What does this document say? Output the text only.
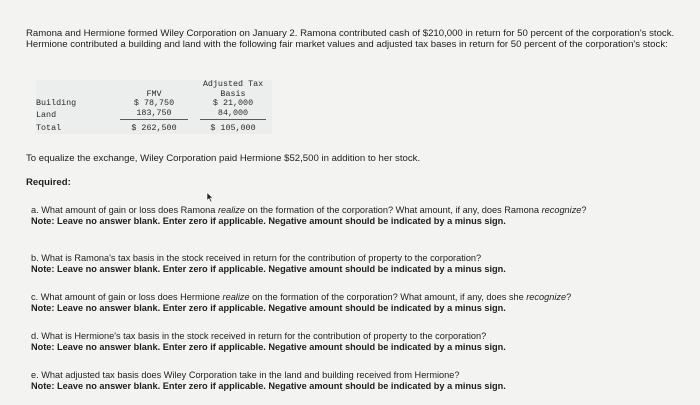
Ramona and Hermione formed Wiley Corporation on January 2. Ramona contributed cash of $210,000 in return for 50 percent of the corporation's stock. Hermione contributed a building and land with the following fair market values and adjusted tax bases in return for 50 percent of the corporation's stock:
	FMV	Adjusted Tax
Basis
Building	$ 78,750	$ 21,000
Land	183,750	84,000

Total	$ 262,500	$ 105,000
To equalize the exchange, Wiley Corporation paid Hermione $52,500 in addition to her stock.
Required:
a. What amount of gain or loss does Ramona realize on the formation of the corporation? What amount, if any, does Ramona recognize?
Note: Leave no answer blank. Enter zero if applicable. Negative amount should be indicated by a minus sign.
b. What is Ramona's tax basis in the stock received in return for the contribution of property to the corporation?
Note: Leave no answer blank. Enter zero if applicable. Negative amount should be indicated by a minus sign.
c. What amount of gain or loss does Hermione realize on the formation of the corporation? What amount, if any, does she recognize?
Note: Leave no answer blank. Enter zero if applicable. Negative amount should be indicated by a minus sign.
d. What is Hermione's tax basis in the stock received in return for the contribution of property to the corporation?
Note: Leave no answer blank. Enter zero if applicable. Negative amount should be indicated by a minus sign.
e. What adjusted tax basis does Wiley Corporation take in the land and building received from Hermione?
Note: Leave no answer blank. Enter zero if applicable. Negative amount should be indicated by a minus sign.
